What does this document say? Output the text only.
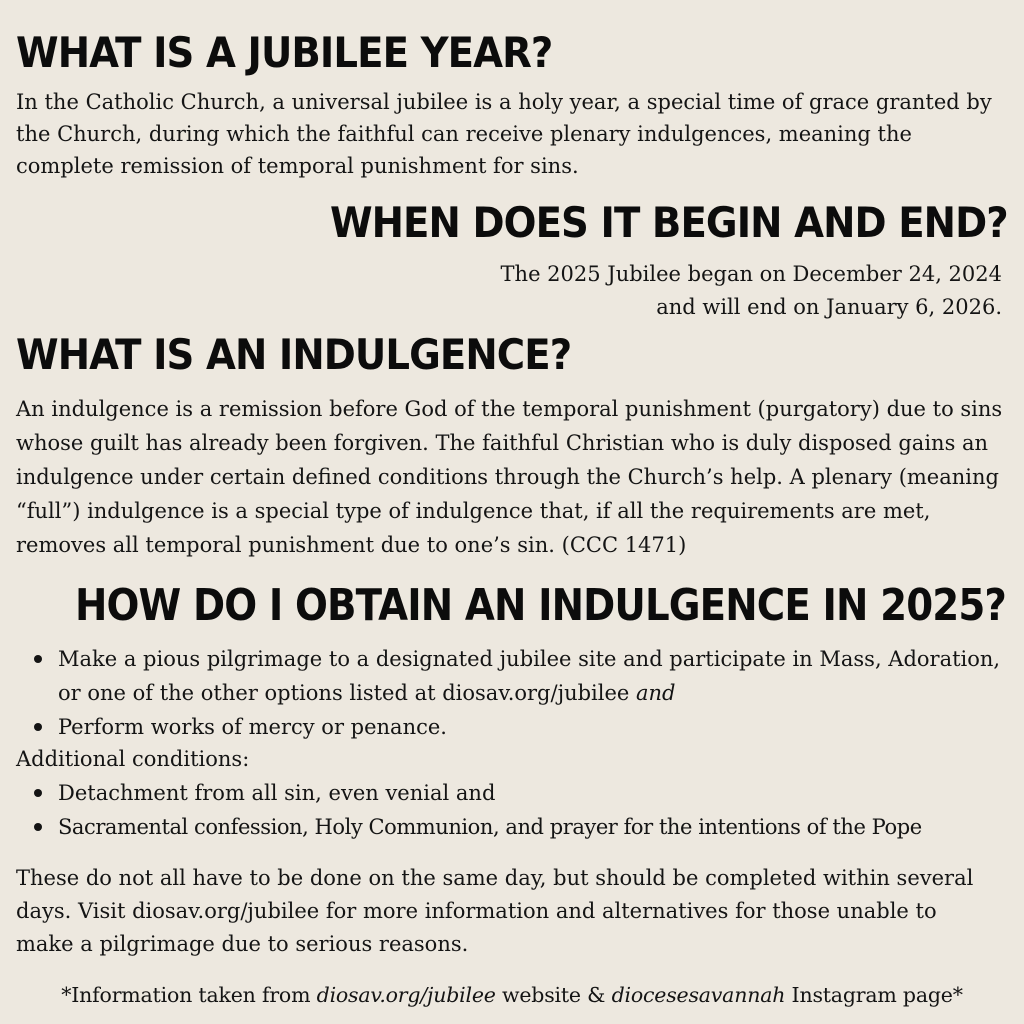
WHAT IS A JUBILEE YEAR?

In the Catholic Church, a universal jubilee is a holy year, a special time of grace granted by the Church, during which the faithful can receive plenary indulgences, meaning the complete remission of temporal punishment for sins.

WHEN DOES IT BEGIN AND END?

The 2025 Jubilee began on December 24, 2024

and will end on January 6, 2026.

WHAT IS AN INDULGENCE?

An indulgence is a remission before God of the temporal punishment (purgatory) due to sins whose guilt has already been forgiven. The faithful Christian who is duly disposed gains an indulgence under certain defined conditions through the Church’s help. A plenary (meaning “full”) indulgence is a special type of indulgence that, if all the requirements are met, removes all temporal punishment due to one’s sin. (CCC 1471)

HOW DO I OBTAIN AN INDULGENCE IN 2025?
Make a pious pilgrimage to a designated jubilee site and participate in Mass, Adoration, or one of the other options listed at diosav.org/jubilee and
Perform works of mercy or penance.

Additional conditions:

Detachment from all sin, even venial and
Sacramental confession, Holy Communion, and prayer for the intentions of the Pope

These do not all have to be done on the same day, but should be completed within several days. Visit diosav.org/jubilee for more information and alternatives for those unable to make a pilgrimage due to serious reasons.

*Information taken from diosav.org/jubilee website & diocesesavannah Instagram page*
